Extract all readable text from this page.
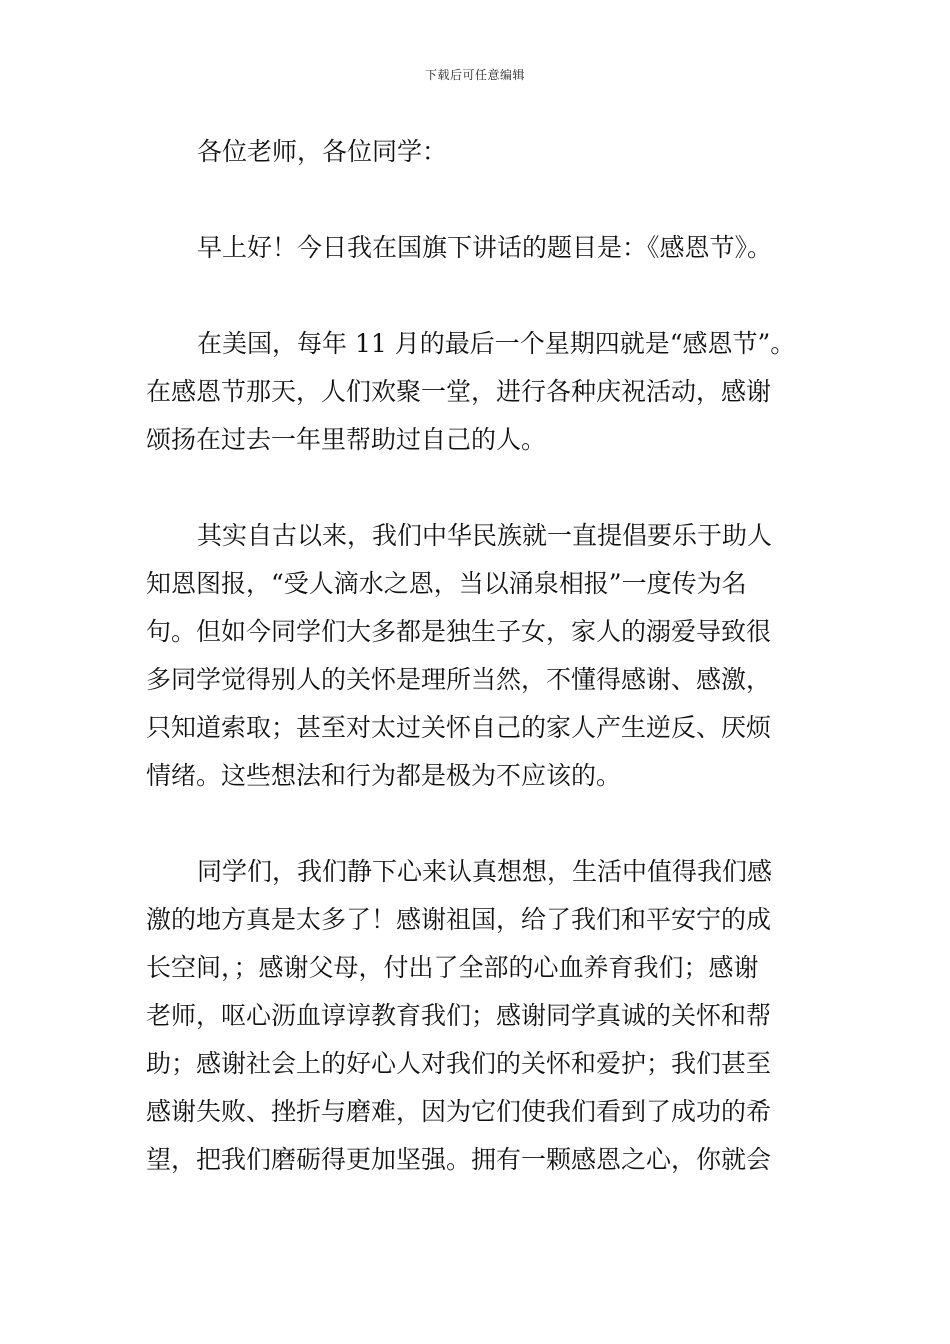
下载后可任意编辑

各位老师，各位同学：

早上好！今日我在国旗下讲话的题目是：《感恩节》。

在美国，每年 11 月的最后一个星期四就是“感恩节”。
在感恩节那天，人们欢聚一堂，进行各种庆祝活动，感谢
颂扬在过去一年里帮助过自己的人。

其实自古以来，我们中华民族就一直提倡要乐于助人
知恩图报，“受人滴水之恩，当以涌泉相报”一度传为名
句。但如今同学们大多都是独生子女，家人的溺爱导致很
多同学觉得别人的关怀是理所当然，不懂得感谢、感激，
只知道索取；甚至对太过关怀自己的家人产生逆反、厌烦
情绪。这些想法和行为都是极为不应该的。

同学们，我们静下心来认真想想，生活中值得我们感
激的地方真是太多了！感谢祖国，给了我们和平安宁的成
长空间，；感谢父母，付出了全部的心血养育我们；感谢
老师，呕心沥血谆谆教育我们；感谢同学真诚的关怀和帮
助；感谢社会上的好心人对我们的关怀和爱护；我们甚至
感谢失败、挫折与磨难，因为它们使我们看到了成功的希
望，把我们磨砺得更加坚强。拥有一颗感恩之心，你就会
